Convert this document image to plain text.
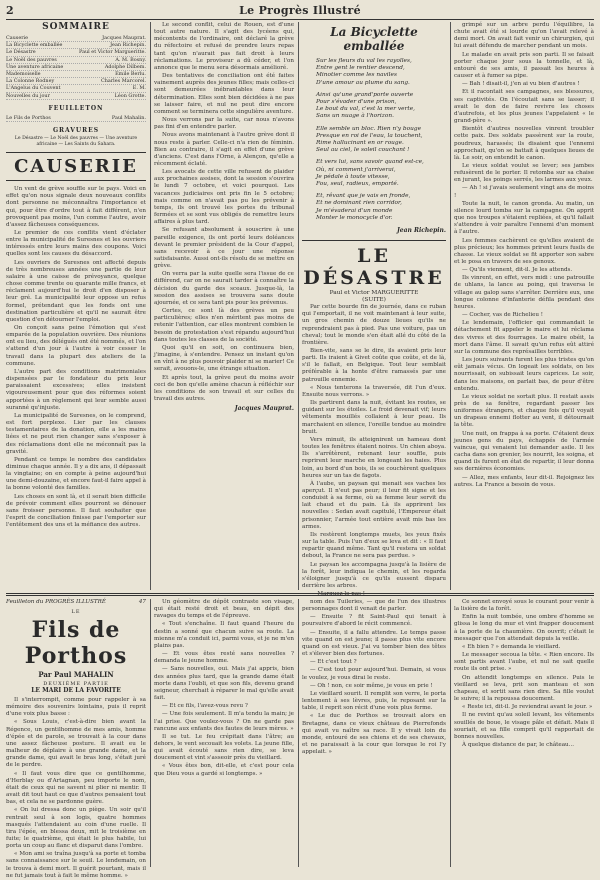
2	Le Progrès Illustré
SOMMAIRE
Causerie	Jacques Mauprat.
La Bicyclette emballée	Jean Richepin.
Le Désastre	Paul et Victor Margueritte.
Le Noël des pauvres	A. M. Bosny.
Une aventure africaine	Adolphe Dilbem.
Mademoiselle	Emile Berlu.
La Colonne Rodney	Charles Marcorel.
L'Angelus du Couvent	E. M.
Nouvelles du jour	Léon Grotte.
FEUILLETON
Le Fils de Porthos	Paul Mahalin.
GRAVURES
Le Désastre — Le Noël des pauvres — Une aventure africaine — Les Saints du Sahara.
CAUSERIE

Un vent de grève souffle sur le pays. Voici en effet qu'on nous signale deux nouveaux conflits dont personne ne méconnaîtra l'importance et qui, pour être d'ordre tout à fait différent, n'en provoquent pas moins, l'un comme l'autre, avoir d'assez fâcheuses conséquences.

Le premier de ces conflits vient d'éclater entre la municipalité de Suresnes et les ouvriers intéressés entre leurs mains des coupons. Voici quelles sont les causes du désaccord.

Les ouvriers de Suresnes ont affecté depuis de très nombreuses années une partie de leur salaire à une caisse de prévoyance, quelque chose comme trente ou quarante mille francs, et réclament aujourd'hui le droit d'en disposer à leur gré. La municipalité leur oppose un refus formel, prétendant que les fonds ont une destination particulière et qu'il ne saurait être question d'en détourner l'emploi.

On conçoit sans peine l'émotion qui s'est emparée de la population ouvrière. Des réunions ont eu lieu, des délégués ont été nommés, et l'on s'attend d'un jour à l'autre à voir cesser le travail dans la plupart des ateliers de la commune.

L'autre part des conditions matrimoniales dispensées par le fondateur du prix leur paraissaient excessives; elles insistent vigoureusement pour que des réformes soient apportées à un règlement qui leur semble aussi suranné qu'injuste.

La municipalité de Suresnes, on le comprend, est fort perplexe. Lier par les clauses testamentaires de la donation, elle a les mains liées et ne peut rien changer sans s'exposer à des réclamations dont elle ne méconnaît pas la gravité.

Pendant ce temps le nombre des candidates diminue chaque année. Il y a dix ans, il dépassait la vingtaine; on en compte à peine aujourd'hui une demi-douzaine, et encore faut-il faire appel à la bonne volonté des familles.

Les choses en sont là, et il serait bien difficile de prévoir comment elles pourront se dénouer sans froisser personne. Il faut souhaiter que l'esprit de conciliation finisse par l'emporter sur l'entêtement des uns et la méfiance des autres.

Le second conflit, celui de Rouen, est d'une tout autre nature. Il s'agit des lycéens qui, mécontents de l'ordinaire, ont déclaré la grève du réfectoire et refusé de prendre leurs repas tant qu'on n'aurait pas fait droit à leurs réclamations. Le proviseur a dû céder, et l'on annonce que le menu sera désormais amélioré.

Des tentatives de conciliation ont été faites vainement auprès des jeunes filles; mais celles-ci sont demeurées inébranlables dans leur détermination. Elles sont bien décidées à ne pas se laisser faire, et nul ne peut dire encore comment se terminera cette singulière aventure.

Nous verrons par la suite, car nous n'avons pas fini d'en entendre parler.

Nous avons maintenant à l'autre grève dont il nous reste à parler. Celle-ci n'a rien de féminin. Bien au contraire, il s'agit en effet d'une grève d'anciens. C'est dans l'Orne, à Alençon, qu'elle a récemment éclaté.

Les avocats de cette ville refusent de plaider aux prochaines assises, dont la session s'ouvrira le lundi 7 octobre, et voici pourquoi. Les vacances judiciaires ont pris fin le 5 octobre; mais comme on n'avait pas pu les prévenir à temps, ils ont trouvé les portes du tribunal fermées et se sont vus obligés de remettre leurs affaires à plus tard.

Se refusant absolument à souscrire à une pareille exigence, ils ont porté leurs doléances devant le premier président de la Cour d'appel, sans recevoir à ce jour une réponse satisfaisante. Aussi ont-ils résolu de se mettre en grève.

On verra par la suite quelle sera l'issue de ce différend, car on ne saurait tarder à connaître la décision du garde des sceaux. Jusque-là, la session des assises se trouvera sans doute ajournée, et ce sera tant pis pour les prévenus.

Certes, ce sont là des grèves un peu particulières; elles n'en méritent pas moins de retenir l'attention, car elles montrent combien le besoin de protestation s'est répandu aujourd'hui dans toutes les classes de la société.

Quoi qu'il en soit, on continuera bien, j'imagine, à s'entendre. Pensez un instant qu'on en vînt à ne plus pouvoir plaider ni se marier! Ce serait, avouons-le, une étrange situation.

Et après tout, la grève peut du moins avoir ceci de bon qu'elle amène chacun à réfléchir sur les conditions de son travail et sur celles du travail des autres.

Jacques Mauprat.
La Bicyclette emballée
Sur les fleurs du val les rayolles,
Entre gent le rentier descend,
Minotier comme les naviles
D'une amour au plume du sang.
Ainsi qu'une grand'porte ouverte
Pour s'évader d'une prison,
Le bout du val, c'est la mer verte,
Sans un nuage à l'horizon.
Elle semble un bloc. Rien n'y bouge
Presque en roi de l'eau, la touchent,
Rime hallucinant en or rouge.
Seul au ciel, le soleil couchant !
Et vers lui, sans savoir quand est-ce,
Où, ni comment j'arriverai,
Je pédale à toute vitesse,
Fou, seul, radieux, emporté.
Et, rêvant que je vais en fronde,
Et ne dominant rien corridor,
Je m'évaderai d'un monde
Monter le monocycle d'or.
Jean Richepin.
LE DÉSASTRE
Paul et Victor MARGUERITTE
(SUITE)

Par cette bourde fin de journée, dans ce ruban qui l'emportait, il ne voit maintenant à leur suite, un gros chemin de douze lieues qu'ils ne reprendraient pas à pied. Pas une voiture, pas un cheval; tout le monde s'en était allé du côté de la frontière.

Bien-vite, sans se le dire, ils avaient pris leur parti. Ils iraient à Givet coûte que coûte, et de là, s'il le fallait, en Belgique. Tout leur semblait préférable à la honte d'être ramassés par une patrouille ennemie.

« Nous tenterons la traversée, dit l'un d'eux. Ensuite nous verrons. »

Ils partirent dans la nuit, évitant les routes, se guidant sur les étoiles. Le froid devenait vif; leurs vêtements mouillés collaient à leur peau. Ils marchaient en silence, l'oreille tendue au moindre bruit.

Vers minuit, ils atteignirent un hameau dont toutes les fenêtres étaient noires. Un chien aboya. Ils s'arrêtèrent, retenant leur souffle, puis reprirent leur marche en longeant les haies. Plus loin, au bord d'un bois, ils se couchèrent quelques heures sur un tas de fagots.

À l'aube, un paysan qui menait ses vaches les aperçut. Il n'eut pas peur; il leur fit signe et les conduisit à sa ferme, où sa femme leur servit du lait chaud et du pain. Là ils apprirent les nouvelles : Sedan avait capitulé, l'Empereur était prisonnier, l'armée tout entière avait mis bas les armes.

Ils restèrent longtemps muets, les yeux fixés sur la table. Puis l'un d'eux se leva et dit : « Il faut repartir quand même. Tant qu'il restera un soldat debout, la France ne sera pas perdue. »

Le paysan les accompagna jusqu'à la lisière de la forêt, leur indiqua le chemin, et les regarda s'éloigner jusqu'à ce qu'ils eussent disparu derrière les arbres.

grimpé sur un arbre perdu l'équilibre, la chute avait été si lourde qu'on l'avait relevé à demi mort. On avait fait venir un chirurgien, qui lui avait défendu de marcher pendant un mois.

Le malade en avait pris son parti. Il se faisait porter chaque jour sous la tonnelle, et là, entouré de ses amis, il passait les heures à causer et à fumer sa pipe.

— Bah ! disait-il, j'en ai vu bien d'autres !

Et il racontait ses campagnes, ses blessures, ses captivités. On l'écoutait sans se lasser; il avait le don de faire revivre les choses d'autrefois, et les plus jeunes l'appelaient « le grand-père ».

Bientôt d'autres nouvelles vinrent troubler cette paix. Des soldats passèrent sur la route, poudreux, harassés; ils disaient que l'ennemi approchait, qu'on se battait à quelques lieues de là. Le soir, on entendit le canon.

Le vieux soldat voulut se lever; ses jambes refusèrent de le porter. Il retomba sur sa chaise en jurant, les poings serrés, les larmes aux yeux.

— Ah ! si j'avais seulement vingt ans de moins !

Toute la nuit, le canon gronda. Au matin, un silence lourd tomba sur la campagne. On apprit que nos troupes s'étaient repliées, et qu'il fallait s'attendre à voir paraître l'ennemi d'un moment à l'autre.

Les femmes cachèrent ce qu'elles avaient de plus précieux; les hommes prirent leurs fusils de chasse. Le vieux soldat se fit apporter son sabre et le posa en travers de ses genoux.

— Qu'ils viennent, dit-il. Je les attends.

Ils vinrent, en effet, vers midi : une patrouille de uhlans, la lance au poing, qui traversa le village au galop sans s'arrêter. Derrière eux, une longue colonne d'infanterie défila pendant des heures.

— Cocher, vas de Richelieu !

Le lendemain, l'officier qui commandait le détachement fit appeler le maire et lui réclama des vivres et des fourrages. Le maire obéit, la mort dans l'âme. Il savait qu'un refus eût attiré sur la commune des représailles terribles.

Les jours suivants furent les plus tristes qu'on eût jamais vécus. On logeait les soldats, on les nourrissait, on subissait leurs caprices. Le soir, dans les maisons, on parlait bas, de peur d'être entendu.

Le vieux soldat ne sortait plus. Il restait assis près de sa fenêtre, regardant passer les uniformes étrangers, et chaque fois qu'il voyait un drapeau ennemi flotter au vent, il détournait la tête.

Une nuit, on frappa à sa porte. C'étaient deux jeunes gens du pays, échappés de l'armée vaincue, qui venaient lui demander asile. Il les cacha dans son grenier, les nourrit, les soigna, et quand ils furent en état de repartir, il leur donna ses dernières économies.

— Allez, mes enfants, leur dit-il. Rejoignez les autres. La France a besoin de vous.

Feuilleton du PROGRÈS ILLUSTRÉ	47
LE
Fils de Porthos
Par Paul MAHALIN
DEUXIÈME PARTIE
LE MARI DE LA FAVORITE

Il s'interrompit, comme pour rappeler à sa mémoire des souvenirs lointains, puis il reprit d'une voix plus basse :

« Sous Louis, c'est-à-dire bien avant la Régence, un gentilhomme de mes amis, homme d'épée et de parole, se trouvait à la cour dans une assez fâcheuse posture. Il avait eu le malheur de déplaire à une grande dame, et la grande dame, qui avait le bras long, s'était juré de le perdre.

« Il faut vous dire que ce gentilhomme, d'Herblay ou d'Artagnan, peu importe le nom, était de ceux qui ne savent ni plier ni mentir. Il avait dit tout haut ce que d'autres pensaient tout bas, et cela ne se pardonne guère.

« On lui dressa donc un piège. Un soir qu'il rentrait seul à son logis, quatre hommes masqués l'attendaient au coin d'une ruelle. Il tira l'épée, en blessa deux, mit le troisième en fuite; le quatrième, qui était le plus habile, lui porta un coup au flanc et disparut dans l'ombre.

« Mon ami se traîna jusqu'à sa porte et tomba sans connaissance sur le seuil. Le lendemain, on le trouva à demi mort. Il guérit pourtant, mais il ne fut jamais tout à fait le même homme. »

Un géomètre de dépôt contraste son visage, qui était resté droit et beau, en dépit des ravages du temps et de l'épreuve.

« Tout s'enchaîne. Il faut quand l'heure du destin a sonné que chacun suive sa route. La mienne m'a conduit ici, parmi vous, et je ne m'en plains pas.

— Et vous êtes resté sans nouvelles ? demanda le jeune homme.

— Sans nouvelles, oui. Mais j'ai appris, bien des années plus tard, que la grande dame était morte dans l'oubli, et que son fils, devenu grand seigneur, cherchait à réparer le mal qu'elle avait fait.

— Et ce fils, l'avez-vous revu ?

— Une fois seulement. Il m'a tendu la main; je l'ai prise. Que voulez-vous ? On ne garde pas rancune aux enfants des fautes de leurs mères. »

Il se tut. Le feu crépitait dans l'âtre; au dehors, le vent secouait les volets. La jeune fille, qui avait écouté sans rien dire, se leva doucement et vint s'asseoir près du vieillard.

« Vous êtes bon, dit-elle, et c'est pour cela que Dieu vous a gardé si longtemps. »

nom des Tuileries, — que de l'un des illustres personnages dont il venait de parler.

— Ensuite ? fit Saint-Paul qui tenait à poursuivre d'abord le récit commencé.

— Ensuite, il a fallu attendre. Le temps passe vite quand on est jeune; il passe plus vite encore quand on est vieux. J'ai vu tomber bien des têtes et s'élever bien des fortunes.

— Et c'est tout ?

— C'est tout pour aujourd'hui. Demain, si vous le voulez, je vous dirai le reste.

— Oh ! non, ce soir même, je vous en prie !

Le vieillard sourit. Il remplit son verre, le porta lentement à ses lèvres, puis, le reposant sur la table, il reprit son récit d'une voix plus ferme.

« Le duc de Porthos se trouvait alors en Bretagne, dans ce vieux château de Pierrefonds qui avait vu naître sa race. Il y vivait loin du monde, entouré de ses chiens et de ses chevaux, et ne paraissait à la cour que lorsque le roi l'y appelait. »

Ce sonnet envoyé sous le courant pour venir à la lisière de la forêt.

Enfin la nuit tombée, une ombre d'homme se glissa le long du mur et vint frapper doucement à la porte de la chaumière. On ouvrit; c'était le messager que l'on attendait depuis la veille.

« Eh bien ? » demanda le vieillard.

Le messager secoua la tête. « Rien encore. Ils sont partis avant l'aube, et nul ne sait quelle route ils ont prise. »

On attendit longtemps en silence. Puis le vieillard se leva, prit son manteau et son chapeau, et sortit sans rien dire. Sa fille voulut le suivre; il la repoussa doucement.

« Reste ici, dit-il. Je reviendrai avant le jour. »

Il ne revint qu'au soleil levant, les vêtements souillés de boue, le visage pâle et défait. Mais il souriait, et sa fille comprit qu'il rapportait de bonnes nouvelles.

À quelque distance de par, le château...
